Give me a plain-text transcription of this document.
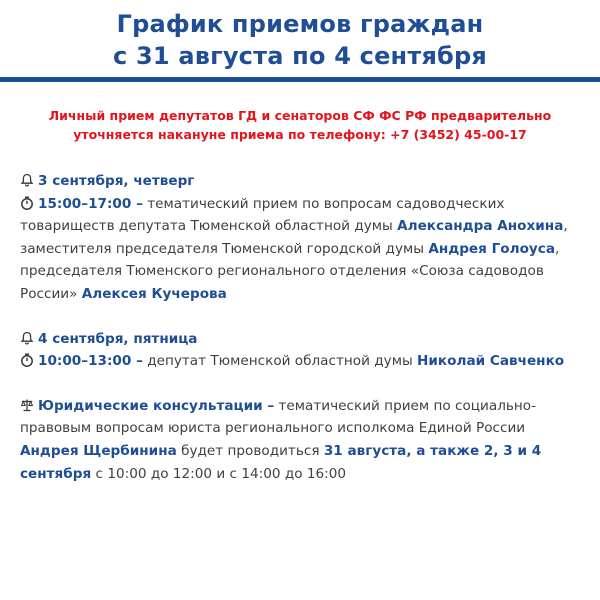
График приемов граждан
с 31 августа по 4 сентября
Личный прием депутатов ГД и сенаторов СФ ФС РФ предварительно
уточняется накануне приема по телефону: +7 (3452) 45-00-17

3 сентября, четверг

15:00–17:00 – тематический прием по вопросам садоводческих товариществ депутата Тюменской областной думы Александра Анохина, заместителя председателя Тюменской городской думы Андрея Голоуса, председателя Тюменского регионального отделения «Союза садоводов России» Алексея Кучерова

4 сентября, пятница

10:00–13:00 – депутат Тюменской областной думы Николай Савченко

Юридические консультации – тематический прием по социально-правовым вопросам юриста регионального исполкома Единой России Андрея Щербинина будет проводиться 31 августа, а также 2, 3 и 4 сентября с 10:00 до 12:00 и с 14:00 до 16:00
